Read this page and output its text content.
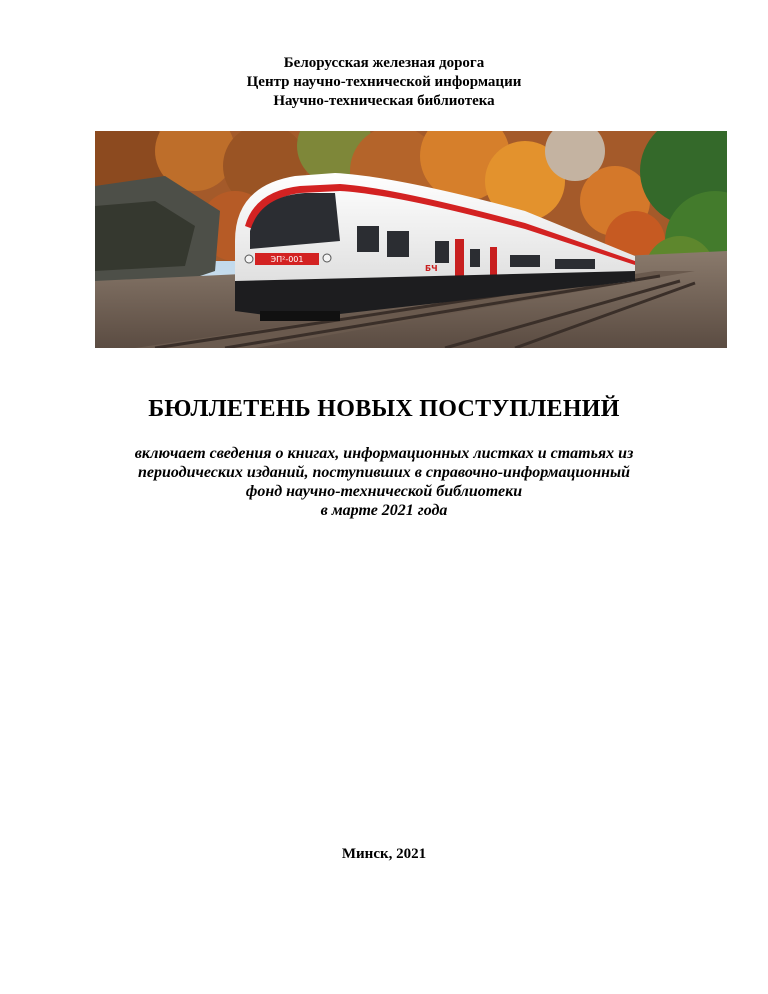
Белорусская железная дорога
Центр научно-технической информации
Научно-техническая библиотека
ЭП²-001
БЧ
БЮЛЛЕТЕНЬ НОВЫХ ПОСТУПЛЕНИЙ
включает сведения о книгах, информационных листках и статьях из
периодических изданий, поступивших в справочно-информационный
фонд научно-технической библиотеки
в марте 2021 года
Минск, 2021
